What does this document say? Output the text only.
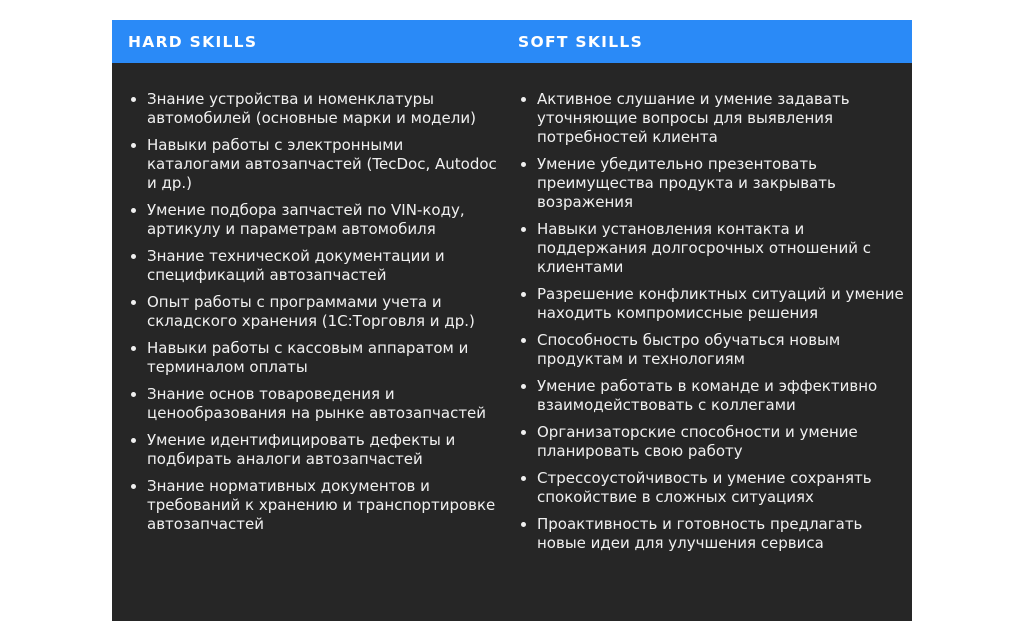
HARD SKILLS	SOFT SKILLS
Знание устройства и номенклатуры автомобилей (основные марки и модели)
Навыки работы с электронными каталогами автозапчастей (TecDoc, Autodoc и др.)
Умение подбора запчастей по VIN-коду, артикулу и параметрам автомобиля
Знание технической документации и спецификаций автозапчастей
Опыт работы с программами учета и складского хранения (1С:Торговля и др.)
Навыки работы с кассовым аппаратом и терминалом оплаты
Знание основ товароведения и ценообразования на рынке автозапчастей
Умение идентифицировать дефекты и подбирать аналоги автозапчастей
Знание нормативных документов и требований к хранению и транспортировке автозапчастей
Активное слушание и умение задавать уточняющие вопросы для выявления потребностей клиента
Умение убедительно презентовать преимущества продукта и закрывать возражения
Навыки установления контакта и поддержания долгосрочных отношений с клиентами
Разрешение конфликтных ситуаций и умение находить компромиссные решения
Способность быстро обучаться новым продуктам и технологиям
Умение работать в команде и эффективно взаимодействовать с коллегами
Организаторские способности и умение планировать свою работу
Стрессоустойчивость и умение сохранять спокойствие в сложных ситуациях
Проактивность и готовность предлагать новые идеи для улучшения сервиса
